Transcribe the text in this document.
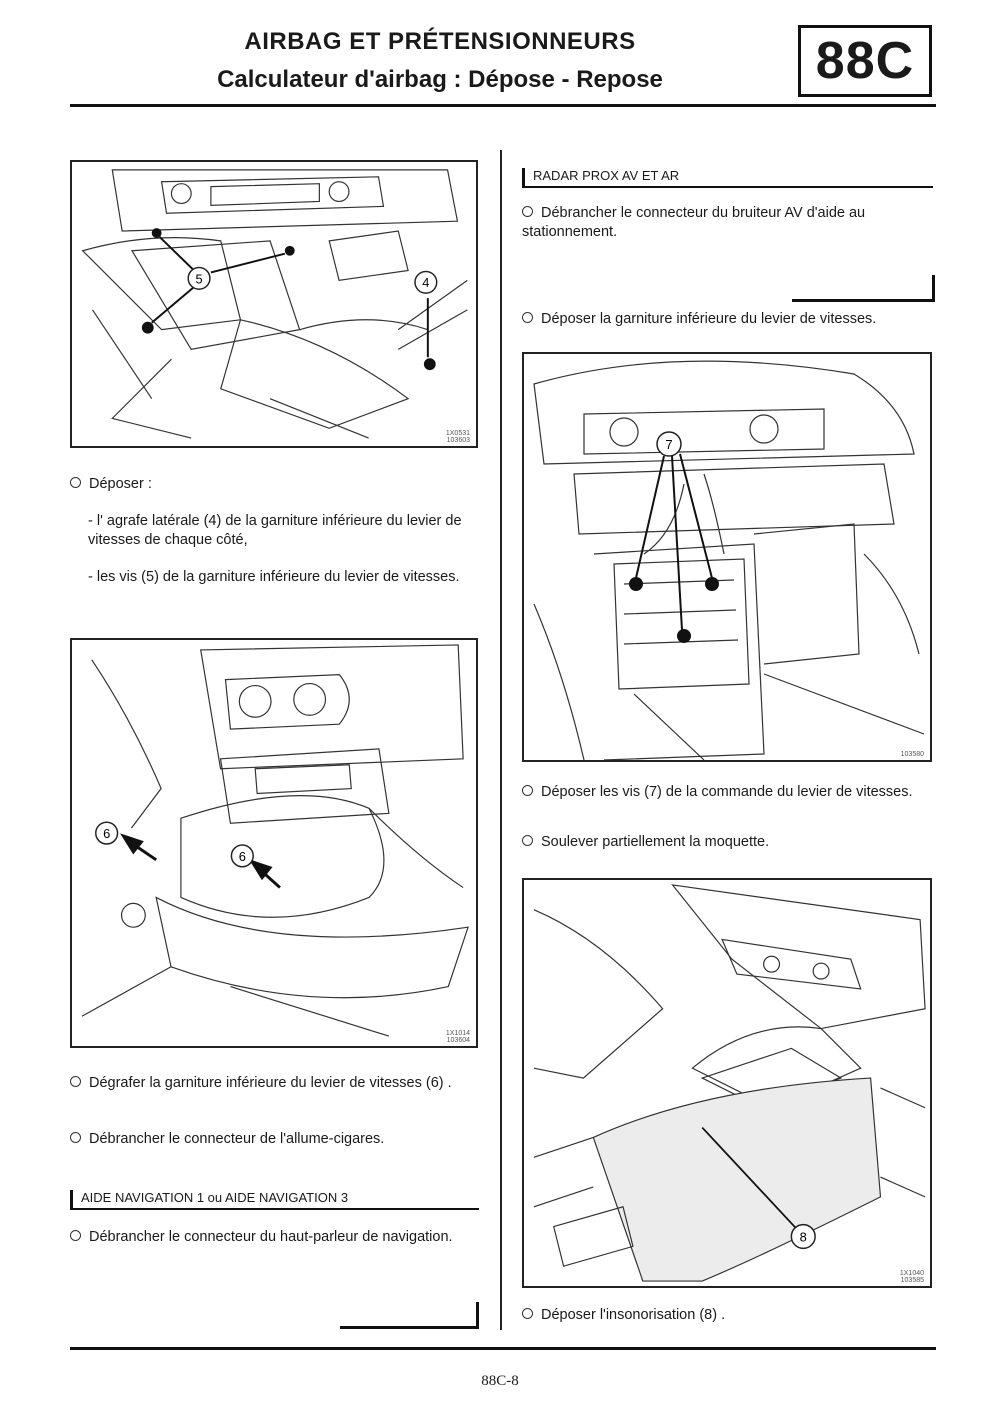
AIRBAG ET PRÉTENSIONNEURS
Calculateur d'airbag : Dépose - Repose	88C
5	4
1X0531
103603
Déposer :
- l' agrafe latérale (4) de la garniture inférieure du levier de vitesses de chaque côté,
- les vis (5) de la garniture inférieure du levier de vitesses.
6
6
1X1014
103604
Dégrafer la garniture inférieure du levier de vitesses (6) .
Débrancher le connecteur de l'allume-cigares.
AIDE NAVIGATION 1 ou AIDE NAVIGATION 3
Débrancher le connecteur du haut-parleur de navigation.
RADAR PROX AV ET AR
Débrancher le connecteur du bruiteur AV d'aide au stationnement.
Déposer la garniture inférieure du levier de vitesses.
7
103580
Déposer les vis (7) de la commande du levier de vitesses.
Soulever partiellement la moquette.
8
1X1040
103585
Déposer l'insonorisation (8) .
88C-8
